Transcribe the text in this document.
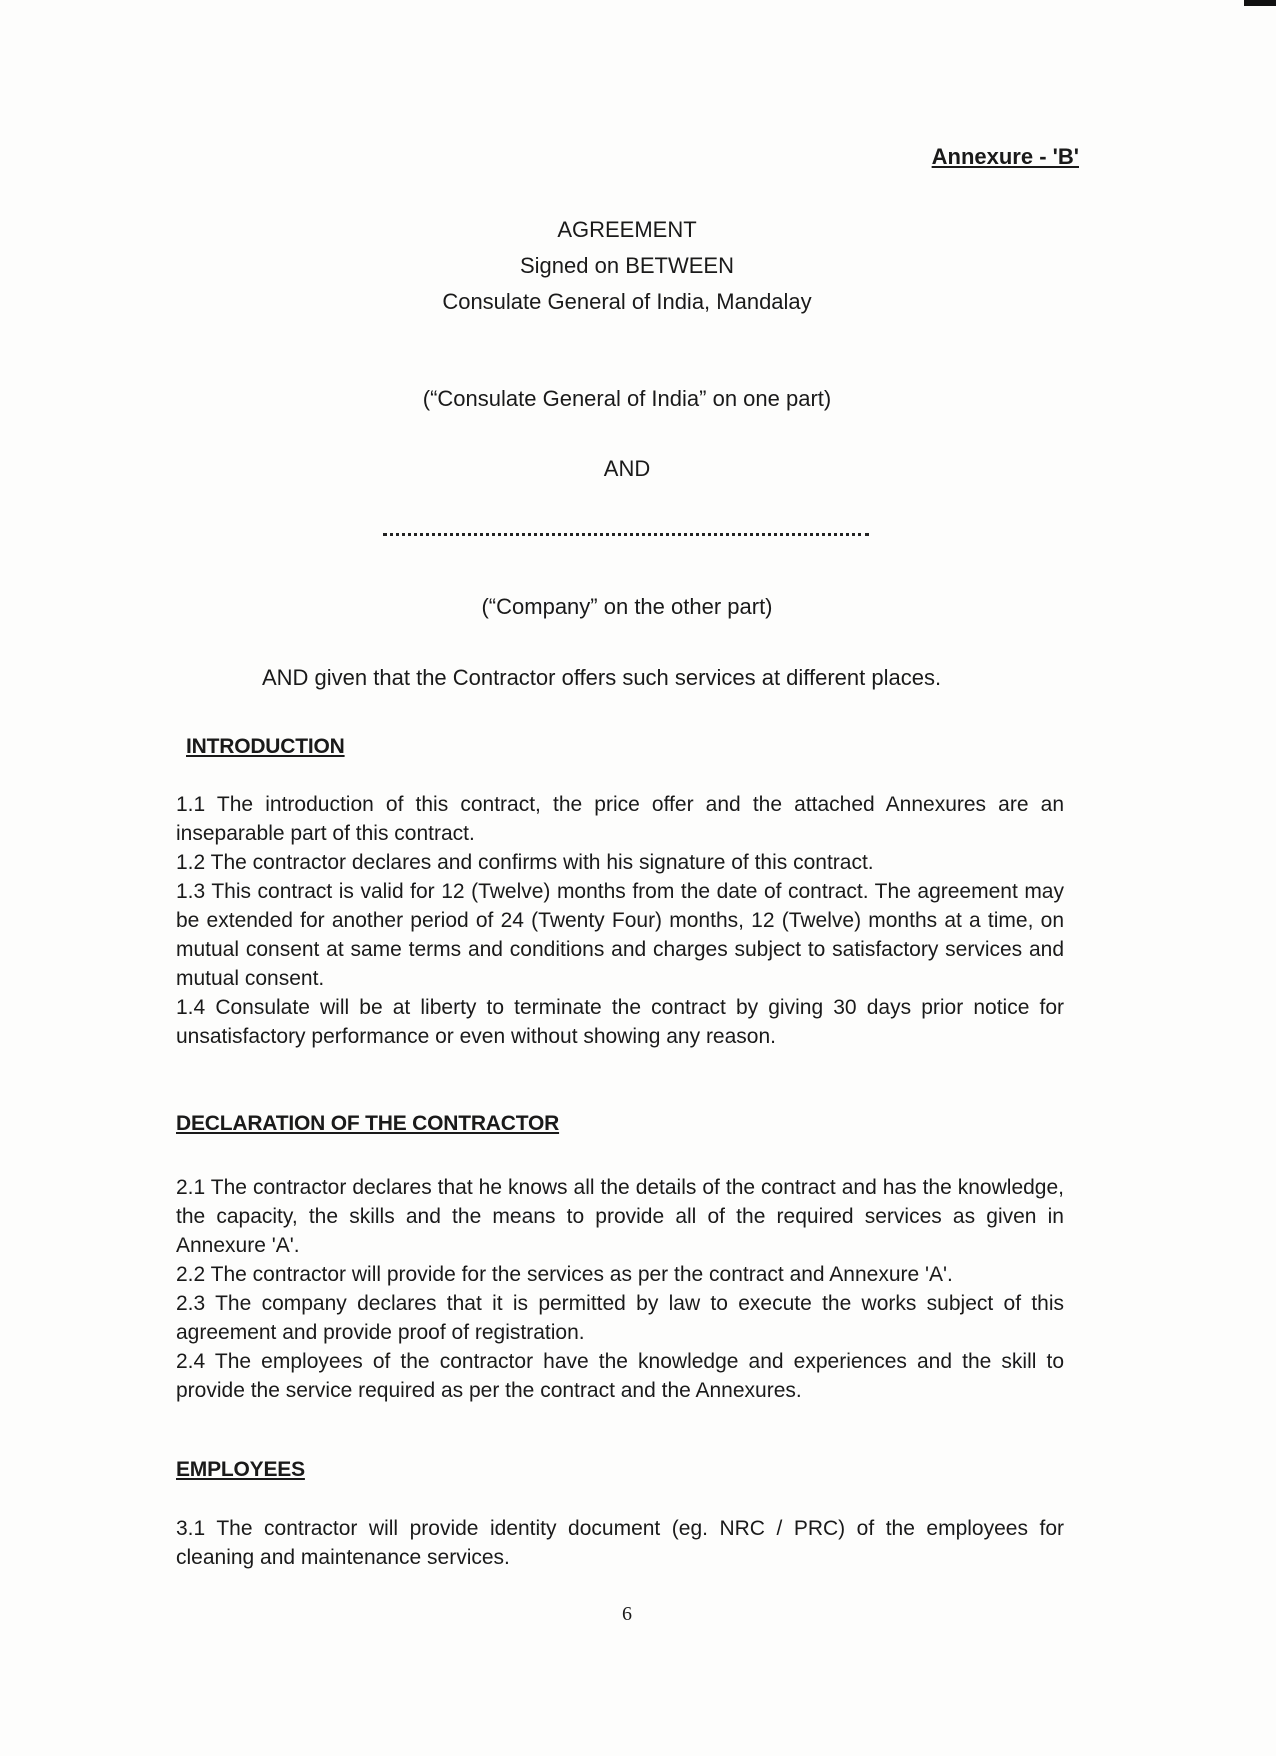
Annexure - 'B'
AGREEMENT
Signed on BETWEEN
Consulate General of India, Mandalay
(“Consulate General of India” on one part)
AND
(“Company” on the other part)
AND given that the Contractor offers such services at different places.
INTRODUCTION

1.1 The introduction of this contract, the price offer and the attached Annexures are an inseparable part of this contract.

1.2 The contractor declares and confirms with his signature of this contract.

1.3 This contract is valid for 12 (Twelve) months from the date of contract. The agreement may be extended for another period of 24 (Twenty Four) months, 12 (Twelve) months at a time, on mutual consent at same terms and conditions and charges subject to satisfactory services and mutual consent.

1.4 Consulate will be at liberty to terminate the contract by giving 30 days prior notice for unsatisfactory performance or even without showing any reason.

DECLARATION OF THE CONTRACTOR

2.1 The contractor declares that he knows all the details of the contract and has the knowledge, the capacity, the skills and the means to provide all of the required services as given in Annexure 'A'.

2.2 The contractor will provide for the services as per the contract and Annexure 'A'.

2.3 The company declares that it is permitted by law to execute the works subject of this agreement and provide proof of registration.

2.4 The employees of the contractor have the knowledge and experiences and the skill to provide the service required as per the contract and the Annexures.

EMPLOYEES

3.1 The contractor will provide identity document (eg. NRC / PRC) of the employees for cleaning and maintenance services.

6
